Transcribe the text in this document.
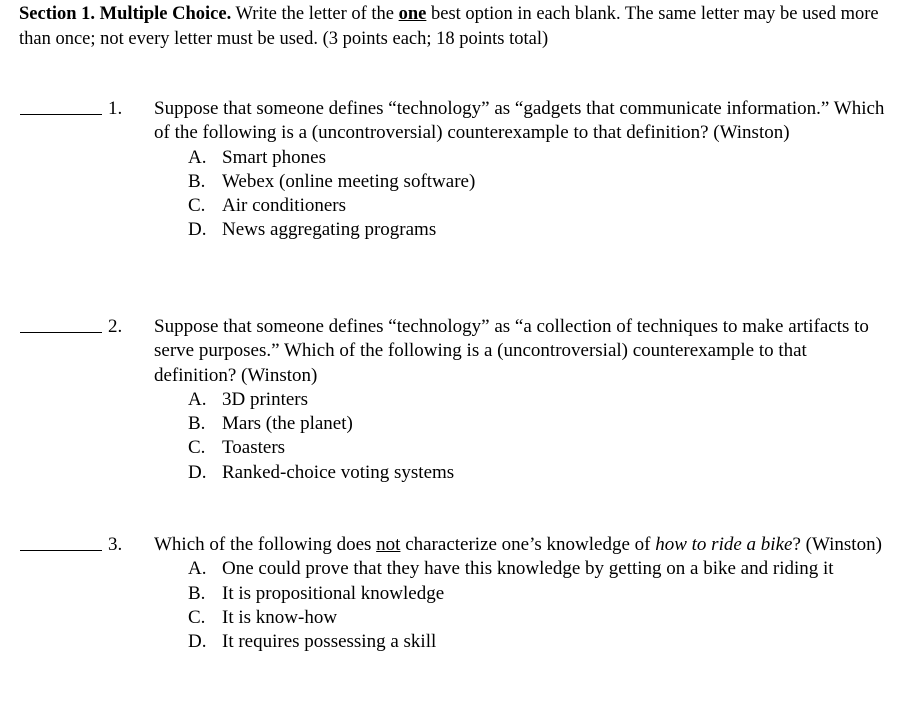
Section 1. Multiple Choice. Write the letter of the one best option in each blank. The same letter may be used more than once; not every letter must be used. (3 points each; 18 points total)
1. Suppose that someone defines “technology” as “gadgets that communicate information.” Which of the following is a (uncontroversial) counterexample to that definition? (Winston)
A. Smart phones
B. Webex (online meeting software)
C. Air conditioners
D. News aggregating programs
2. Suppose that someone defines “technology” as “a collection of techniques to make artifacts to serve purposes.” Which of the following is a (uncontroversial) counterexample to that definition? (Winston)
A. 3D printers
B. Mars (the planet)
C. Toasters
D. Ranked-choice voting systems
3. Which of the following does not characterize one’s knowledge of how to ride a bike? (Winston)
A. One could prove that they have this knowledge by getting on a bike and riding it
B. It is propositional knowledge
C. It is know-how
D. It requires possessing a skill
